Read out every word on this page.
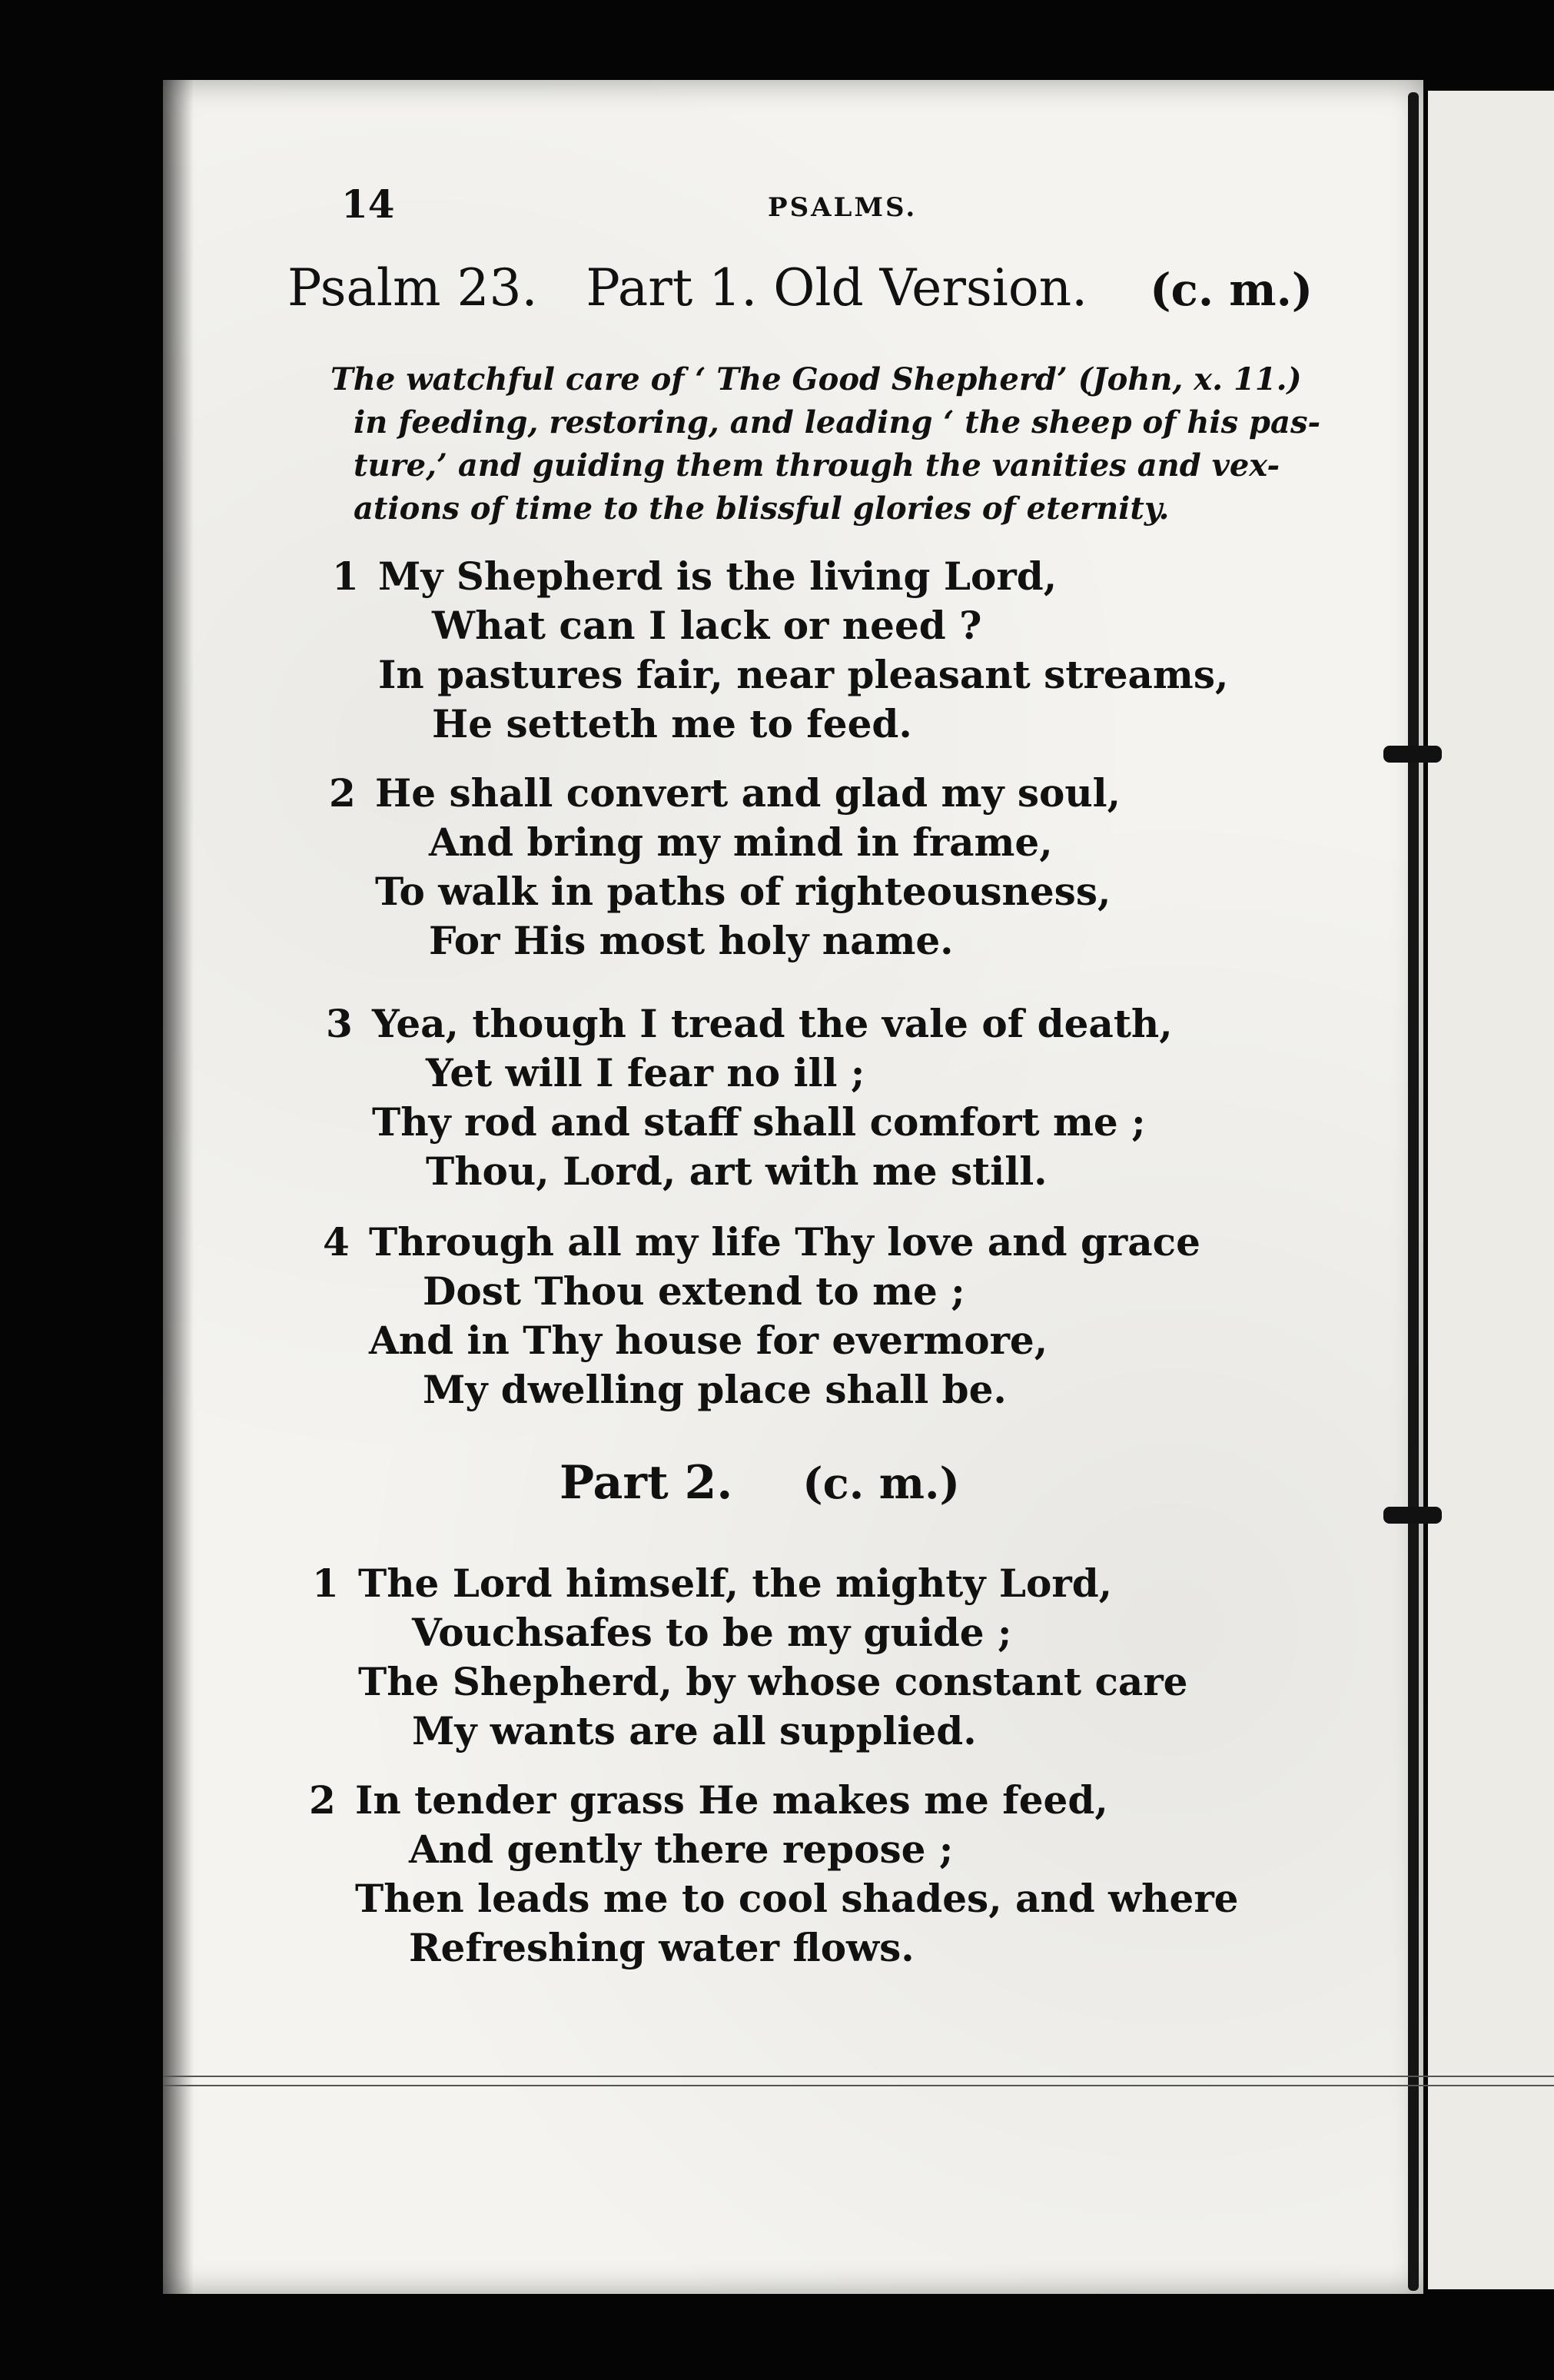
14	PSALMS.
Psalm 23.   Part 1. Old Version. (c. m.)
The watchful care of ‘ The Good Shepherd’ (John, x. 11.)
in feeding, restoring, and leading ‘ the sheep of his pas-
ture,’ and guiding them through the vanities and vex-
ations of time to the blissful glories of eternity.
1 My Shepherd is the living Lord,
What can I lack or need ?
In pastures fair, near pleasant streams,
He setteth me to feed.
2 He shall convert and glad my soul,
And bring my mind in frame,
To walk in paths of righteousness,
For His most holy name.
3 Yea, though I tread the vale of death,
Yet will I fear no ill ;
Thy rod and staff shall comfort me ;
Thou, Lord, art with me still.
4 Through all my life Thy love and grace
Dost Thou extend to me ;
And in Thy house for evermore,
My dwelling place shall be.
Part 2. (c. m.)
1 The Lord himself, the mighty Lord,
Vouchsafes to be my guide ;
The Shepherd, by whose constant care
My wants are all supplied.
2 In tender grass He makes me feed,
And gently there repose ;
Then leads me to cool shades, and where
Refreshing water flows.
